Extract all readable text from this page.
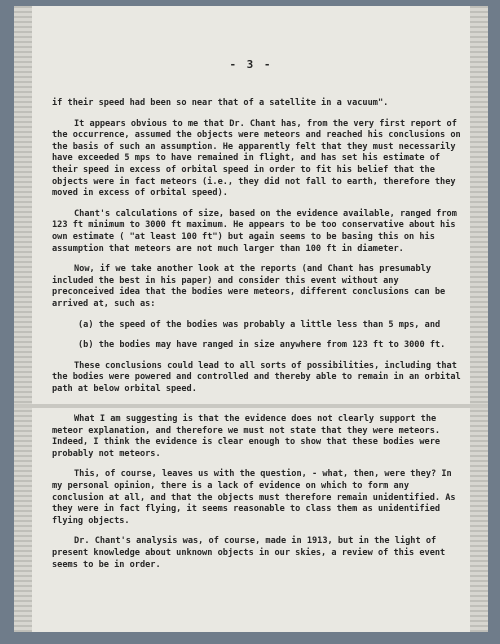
- 3 -

if their speed had been so near that of a satellite in a vacuum".

It appears obvious to me that Dr. Chant has, from the very first report of the occurrence, assumed the objects were meteors and reached his conclusions on the basis of such an assumption. He apparently felt that they must necessarily have exceeded 5 mps to have remained in flight, and has set his estimate of their speed in excess of orbital speed in order to fit his belief that the objects were in fact meteors (i.e., they did not fall to earth, therefore they moved in excess of orbital speed).

Chant's calculations of size, based on the evidence available, ranged from 123 ft minimum to 3000 ft maximum. He appears to be too conservative about his own estimate ( "at least 100 ft") but again seems to be basing this on his assumption that meteors are not much larger than 100 ft in diameter.

Now, if we take another look at the reports (and Chant has presumably included the best in his paper) and consider this event without any preconceived idea that the bodies were meteors, different conclusions can be arrived at, such as:

(a) the speed of the bodies was probably a little less than 5 mps, and
(b) the bodies may have ranged in size anywhere from 123 ft to 3000 ft.

These conclusions could lead to all sorts of possibilities, including that the bodies were powered and controlled and thereby able to remain in an orbital path at below orbital speed.

What I am suggesting is that the evidence does not clearly support the meteor explanation, and therefore we must not state that they were meteors. Indeed, I think the evidence is clear enough to show that these bodies were probably not meteors.

This, of course, leaves us with the question, - what, then, were they? In my personal opinion, there is a lack of evidence on which to form any conclusion at all, and that the objects must therefore remain unidentified. As they were in fact flying, it seems reasonable to class them as unidentified flying objects.

Dr. Chant's analysis was, of course, made in 1913, but in the light of present knowledge about unknown objects in our skies, a review of this event seems to be in order.
